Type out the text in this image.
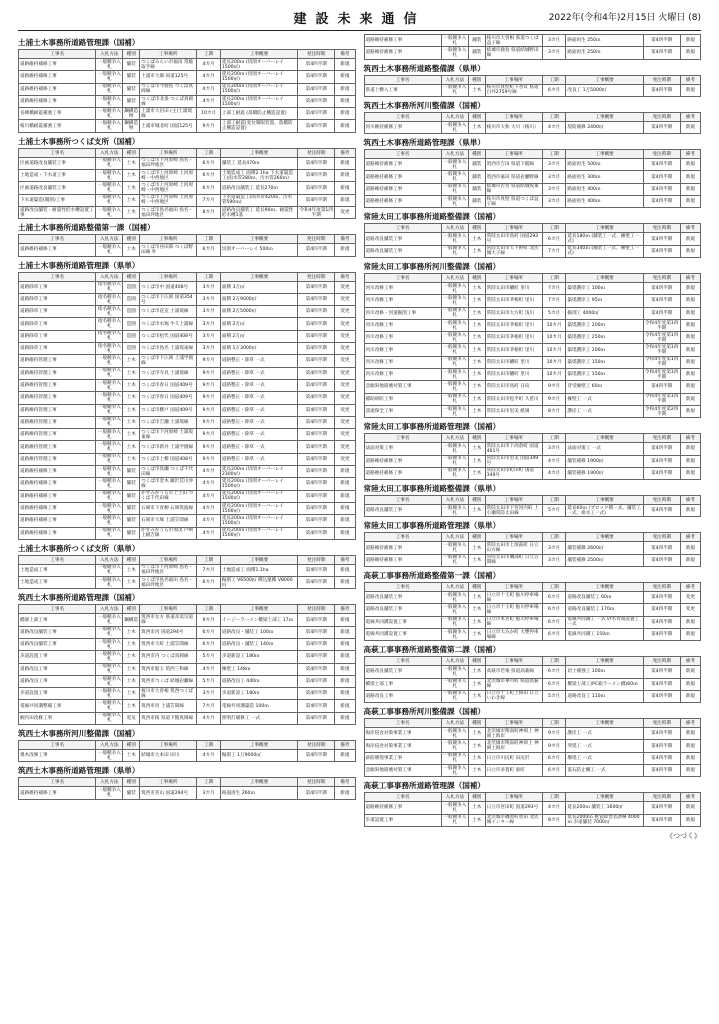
建設未来通信	2022年(令和4年)2月15日 火曜日 (8)
土浦土木事務所道路管理課（国補）
工事名	入札方法	種別	工事場所	工期	工事概要	発注時期	備考
道路維持補修工事	一般競争入札	舗装	つくばみらい市福田 常総取手線	4カ月	延長200ｍ (切削オーバーレイ 1500㎡)	第4四半期	新規
道路維持補修工事	一般競争入札	舗装	土浦市大畑 国道125号	4カ月	延長200ｍ (切削オーバーレイ 1500㎡)	第4四半期	新規
道路維持補修工事	一般競争入札	舗装	つくば市今鹿島 つくば真岡線	4カ月	延長200ｍ (切削オーバーレイ 1500㎡)	第4四半期	新規
道路維持補修工事	一般競争入札	舗装	つくば市北条 つくば真岡線	4カ月	延長200ｍ (切削オーバーレイ 1500㎡)	第4四半期	新規
長峰橋耐震補強工事	一般競争入札	鋼構造物	土浦市大岩田 (主)土浦境線	10カ月	上部工耐震 (落橋防止構造設置)	第4四半期	新規
桜川橋耐震補強工事	一般競争入札	鋼構造物	土浦市城北町 国道125号	9カ月	上部工耐震(変位制限装置、落橋防止構造設置)	第4四半期	新規
土浦土木事務所つくば支所（国補）
工事名	入札方法	種別	工事場所	工期	工事概要	発注時期	備考
区画道路改良舗装工事	一般競争入札	土木	つくば市下河原崎 島名・福田坪地区	6カ月	舗装工 延長470ｍ	第4四半期	新規
土地造成・下水道工事	一般競争入札	土木	つくば市上河原崎 上河原崎・中西地区	6カ月	土地造成工 面積2.1ha 下水道築造工(雨水管280ｍ、汚水管260ｍ)	第4四半期	新規
区画道路改良舗装工事	一般競争入札	土木	つくば市上河原崎 上河原崎・中西地区	6カ月	道路改良舗装工 延長270ｍ	第4四半期	新規
下水道築造(開削)工事	一般競争入札	土木	つくば市上河原崎 上河原崎・中西地区	7カ月	下水道築造工(雨水管420ｍ、汚水管590ｍ)	第4四半期	新規
道路改良舗装・耐震性貯水槽設置工事	一般競争入札	土木	つくば市島名福田 島名・福田坪地区	8カ月	道路改良舗装工 延長90ｍ、耐震性貯水槽1基	令和4年度第1四半期	変更
土浦土木事務所道路整備第一課（国補）
工事名	入札方法	種別	工事場所	工期	工事概要	発注時期	備考
道路維持補修工事	一般競争入札	土木	つくば市谷田部 つくば野田線 外	6カ月	切削オーバーレイ 500ｍ	第4四半期	新規
土浦土木事務所道路管理課（県単）
工事名	入札方法	種別	工事場所	工期	工事概要	発注時期	備考
道路除草工事	指名競争入札	造園	つくば市中 国道408号	3カ月	面積 3万㎡	第4四半期	変更
道路除草工事	指名競争入札	造園	つくば市下広岡 国道354号	3カ月	面積 2万9000㎡	第4四半期	変更
道路除草工事	指名競争入札	造園	つくば市花室 土浦境線	3カ月	面積 2万5000㎡	第4四半期	変更
道路除草工事	指名競争入札	造園	つくば市水堀 牛久土浦線	3カ月	面積 2万㎡	第4四半期	変更
道路除草工事	指名競争入札	造園	つくば市松代 国道408号	3カ月	面積 2万㎡	第4四半期	変更
道路除草工事	指名競争入札	造園	つくば市島名 土浦坂東線	3カ月	面積 1万3000㎡	第4四半期	変更
道路維持管理工事	一般競争入札	土木	つくば市下広岡 土浦学園線	9カ月	道路整正・除草 一式	第4四半期	変更
道路維持管理工事	一般競争入札	土木	つくば市寺具 土浦境線	9カ月	道路整正・除草 一式	第4四半期	変更
道路維持管理工事	一般競争入札	土木	つくば市春日 国道409号	9カ月	道路整正・除草 一式	第4四半期	変更
道路維持管理工事	一般競争入札	土木	つくば市春日 国道409号	9カ月	道路整正・除草 一式	第4四半期	変更
道路維持管理工事	一般競争入札	土木	つくば市横戸 国道409号	9カ月	道路整正・除草 一式	第4四半期	変更
道路維持管理工事	一般競争入札	土木	つくば市吉瀬 土浦境線	9カ月	道路整正・除草 一式	第4四半期	変更
道路維持管理工事	一般競争入札	土木	つくば市下河原崎 土浦坂東線	9カ月	道路整正・除草 一式	第4四半期	変更
道路維持管理工事	一般競争入札	土木	つくば市新井 土浦学園線	9カ月	道路整正・除草 一式	第4四半期	変更
道路維持管理工事	一般競争入札	土木	つくば市上郷 国道408号	9カ月	道路整正・除草 一式	第4四半期	変更
道路維持補修工事	一般競争入札	舗装	つくば市真瀬 つくば千代田線	4カ月	延長200ｍ (切削オーバーレイ 2300㎡)	第4四半期	新規
道路維持補修工事	一般競争入札	舗装	つくば市金木 藤沢荒川沖線	4カ月	延長200ｍ (切削オーバーレイ 1500㎡)	第4四半期	新規
道路維持補修工事	一般競争入札	舗装	かすみがうら市上土田 つくば千代田線	4カ月	延長200ｍ (切削オーバーレイ 1500㎡)	第4四半期	新規
道路維持補修工事	一般競争入札	舗装	石岡市下青柳 石岡筑波線	4カ月	延長200ｍ (切削オーバーレイ 1500㎡)	第4四半期	新規
道路維持補修工事	一般競争入札	舗装	石岡市大塚 土浦笠間線	4カ月	延長200ｍ (切削オーバーレイ 1500㎡)	第4四半期	新規
道路維持補修工事	一般競争入札	舗装	かすみがうら市加茂 戸崎上稲吉線	4カ月	延長200ｍ (切削オーバーレイ 1500㎡)	第4四半期	新規
土浦土木事務所つくば支所（県単）
工事名	入札方法	種別	工事場所	工期	工事概要	発注時期	備考
土地造成工事	一般競争入札	土木	つくば市下河原崎 島名・福田坪地区	7カ月	土地造成工 面積1.1ha	第4四半期	新規
土地造成工事	一般競争入札	土木	つくば市島名福田 島名・福田坪地区	6カ月	掘削工 V6500㎥ 積込運搬 V8000㎥	第4四半期	新規
筑西土木事務所道路管理課（国補）
工事名	入札方法	種別	工事場所	工期	工事概要	発注時期	備考
橋梁上部工事	一般競争入札	鋼構造	筑西市女方 県道赤浜宗道線	9カ月	イージーラーメン橋梁上部工 17ｍ	第4四半期	新規
道路改良舗装工事	一般競争入札	土木	筑西市丙 国道294号	6カ月	道路改良・舗装工 100ｍ	第4四半期	新規
道路改良舗装工事	一般競争入札	土木	筑西市大町 土浦笠間線	6カ月	道路改良・舗装工 140ｍ	第4四半期	新規
歩道設置工事	一般競争入札	土木	筑西市内 つくば真岡線	5カ月	歩道新設工 180ｍ	第4四半期	新規
道路改良工事	一般競争入札	土木	筑西市船玉 筑西三和線	4カ月	擁壁工 148ｍ	第4四半期	新規
道路改良工事	一般競争入札	土木	筑西市つくば 結城岩瀬線	5カ月	道路改良工 440ｍ	第4四半期	新規
歩道設置工事	一般競争入札	土木	桜川市大曽根 筑西つくば線	3カ月	歩道新設工 180ｍ	第4四半期	新規
電線共同溝整備工事	一般競争入札	土木	筑西市丙 土浦笠間線	7カ月	電線共同溝築造 100ｍ	第4四半期	新規
桐内田改修工事	一般競争入札	電気	筑西市桜 県道下館真岡線	4カ月	照明灯補修工 一式	第4四半期	新規
筑西土木事務所河川整備課（国補）
工事名	入札方法	種別	工事場所	工期	工事概要	発注時期	備考
幾木改修工事	一般競争入札	土木	結城市大本田 田川	4カ月	掘削工 1万9000㎥	第4四半期	新規
筑西土木事務所道路管理課（県単）
工事名	入札方法	種別	工事場所	工期	工事概要	発注時期	備考
道路維持補修工事	一般競争入札	舗装	筑西市宮山 国道294号	3カ月	路面再生 260ｍ	第4四半期	新規
道路維持補修工事	一般競争入札	舗装	桜川市大曽根 県道つくば益子線	3カ月	路面再生 250ｍ	第4四半期	新規
道路維持補修工事	一般競争入札	舗装	結城市鹿島 県道結城野田線	3カ月	路面再生 250ｍ	第4四半期	新規
筑西土木事務所道路整備課（県単）
工事名	入札方法	種別	工事場所	工期	工事概要	発注時期	備考
県道上横入工事	一般競争入札	土木	桜川市真壁町下谷貝 県道白井2759号線	6カ月	改良工 1万5000㎡	第4四半期	新規
筑西土木事務所河川整備課（国補）
工事名	入札方法	種別	工事場所	工期	工事概要	発注時期	備考
河川維持補修工事	一般競争入札	土木	桜川市大和 大川（桜川）	4カ月	堤防補修 2400㎡	第4四半期	新規
筑西土木事務所道路管理課（県単）
工事名	入札方法	種別	工事場所	工期	工事概要	発注時期	備考
道路維持補修工事	一般競争入札	舗装	筑西市吉田 県道下館線	3カ月	路面再生 500ｍ	第4四半期	新規
道路維持補修工事	一般競争入札	舗装	筑西市嘉田 県道岩瀬野線	3カ月	路面再生 300ｍ	第4四半期	新規
道路維持補修工事	一般競争入札	舗装	結城市若宮 県道結城坂東線	3カ月	路面再生 400ｍ	第4四半期	新規
道路維持補修工事	一般競争入札	舗装	桜川市真壁 県道つくば益子線	3カ月	路面再生 400ｍ	第4四半期	新規
常陸太田工事事務所道路整備課（国補）
工事名	入札方法	種別	工事場所	工期	工事概要	発注時期	備考
道路改良舗装工事	一般競争入札	土木	常陸太田市島町 国道293号	6カ月	延長180ｍ (舗装工一式、擁壁工一式)	第4四半期	新規
道路改良舗装工事	一般競争入札	土木	常陸太田市天下野町 北茨城大子線	7カ月	延長340ｍ (舗装工一式、擁壁工一式)	第4四半期	新規
常陸太田工事事務所河川整備課（国補）
工事名	入札方法	種別	工事場所	工期	工事概要	発注時期	備考
河川改修工事	一般競争入札	土木	常陸太田市幡町 里川	7カ月	築堤護岸工 100ｍ	第4四半期	新規
河川改修工事	一般競争入札	土木	常陸太田市茅根町 里川	7カ月	築堤護岸工 95ｍ	第4四半期	新規
河川改修・河道掘削工事	一般競争入札	土木	常陸太田市大方町 浅川	5カ月	掘削工 4000㎥	第4四半期	新規
河川改修工事	一般競争入札	土木	常陸太田市茅根町 里川	10カ月	築堤護岸工 200ｍ	令和4年度第1四半期	新規
河川改修工事	一般競争入札	土木	常陸太田市茅根町 里川	10カ月	築堤護岸工 250ｍ	令和4年度第1四半期	新規
河川改修工事	一般競争入札	土木	常陸太田市茅根町 里川	10カ月	築堤護岸工 200ｍ	令和4年度第1四半期	新規
河川改修工事	一般競争入札	土木	常陸太田市幡町 里川	10カ月	築堤護岸工 150ｍ	令和4年度第1四半期	新規
河川改修工事	一般競争入札	土木	常陸太田市幡町 里川	10カ月	築堤護岸工 150ｍ	令和4年度第1四半期	新規
急傾斜地崩壊対策工事	一般競争入札	土木	常陸太田市島町 日向	9カ月	待受擁壁工 60ｍ	第4四半期	新規
補助砂防工事	一般競争入札	土木	常陸太田市松平町 久慈川	9カ月	擁壁工 一式	令和4年度第1四半期	新規
渓流保全工事	一般競争入札	土木	常陸太田市里美 紙岡	8カ月	護岸工 一式	令和4年度第2四半期	新規
常陸太田工事事務所道路管理課（国補）
工事名	入札方法	種別	工事場所	工期	工事概要	発注時期	備考
法面対策工事	一般競争入札	土木	常陸太田市下高倉町 国道461号	3カ月	法面対策工 一式	第4四半期	新規
道路維持補修工事	一般競争入札	土木	常陸太田市里美 国道349号	4カ月	舗装補修 1900㎡	第4四半期	新規
道路維持補修工事	一般競争入札	土木	常陸太田市町田町 国道349号	4カ月	舗装補修 1900㎡	第4四半期	新規
常陸太田工事事務所道路整備課（県単）
工事名	入札方法	種別	工事場所	工期	工事概要	発注時期	備考
道路改良舗装工事	一般競争入札	土木	常陸太田市下宮河内町 上小瀬常陸太田線	5カ月	延長60ｍ (ブロック積一式、舗装工一式、排水工一式)	第4四半期	新規
常陸太田工事事務所道路管理課（県単）
工事名	入札方法	種別	工事場所	工期	工事概要	発注時期	備考
道路維持補修工事	一般競争入札	土木	常陸太田市上深荻町 日立山方線	3カ月	舗装補修 2600㎡	第4四半期	新規
道路維持補修工事	一般競争入札	土木	常陸太田市磯部町 日立笠間線	3カ月	舗装補修 2500㎡	第4四半期	新規
高萩工事事務所道路整備第一課（国補）
工事名	入札方法	種別	工事場所	工期	工事概要	発注時期	備考
道路改良舗装工事	一般競争入札	土木	日立市十王町 鮎川停車場線	6カ月	道路改良舗装工 60ｍ	第4四半期	変更
道路改良舗装工事	一般競争入札	土木	日立市十王町 鮎川停車場線	6カ月	道路改良舗装工 170ｍ	第4四半期	変更
電線共同溝設置工事	一般競争入札	土木	日立市本宮町 鮎川停車場線	6カ月	電線共同溝工 一式 砂水対策設置工一式	第4四半期	新規
電線共同溝設置工事	一般競争入札	土木	日立市大みか町 大甕停車場線	6カ月	電線共同溝工 150ｍ	第4四半期	新規
高萩工事事務所道路整備第二課（国補）
工事名	入札方法	種別	工事場所	工期	工事概要	発注時期	備考
道路改良舗装工事	一般競争入札	土木	高萩市若栗 県道高萩線	6カ月	切土補強工 100ｍ	第4四半期	新規
橋梁上部工事	一般競争入札	土木	北茨城市華川町 県道高萩線	6カ月	橋梁上部工(PC箱ラーメン橋)60ｍ	第4四半期	新規
道路改良工事	一般競争入札	土木	日立市十王町上相田 日立いわき線	5カ月	道路改良工 110ｍ	第4四半期	新規
高萩工事事務所河川整備課（国補）
工事名	入札方法	種別	工事場所	工期	工事概要	発注時期	備考
海岸侵食対策事業工事	一般競争入札	土木	北茨城市関南町神岡上 神岡上海岸	9カ月	護岸工 一式	第4四半期	新規
海岸侵食対策事業工事	一般競争入札	土木	北茨城市関南町神岡上 神岡上海岸	9カ月	突堤工 一式	第4四半期	新規
砂防堰堤事業工事	一般競争入札	土木	日立市川尻町 田尻沢	6カ月	堰堤工 一式	第4四半期	新規
急傾斜地崩壊対策工事	一般競争入札	土木	日立市多賀町 東町	6カ月	落石防止柵工 一式	第4四半期	新規
高萩工事事務所道路管理課（国補）
工事名	入札方法	種別	工事場所	工期	工事概要	発注時期	備考
道路維持補修工事	一般競争入札	土木	日立市宮田町 国道293号	4カ月	延長200ｍ 舗装工 1600㎡	第4四半期	新規
歩道設置工事	一般競争入札	土木	北茨城市磯原町豊田 北茨城インター線	8カ月	延長2000ｍ 視覚障害者誘導 4000ｍ 歩道舗装 7000㎡	第4四半期	新規
《つづく》
